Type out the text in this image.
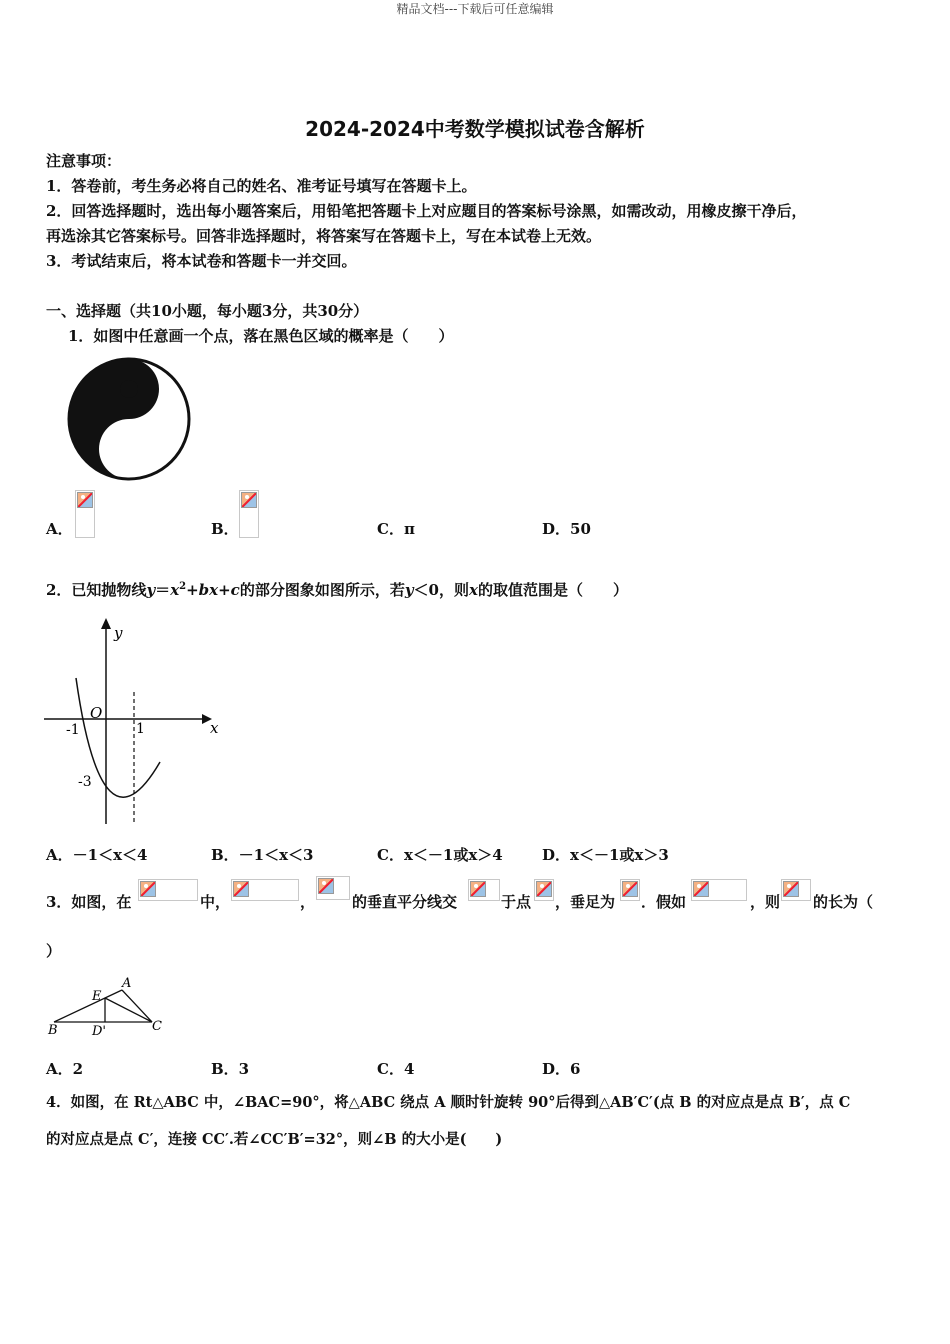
精品文档---下载后可任意编辑
2024-2024中考数学模拟试卷含解析
注意事项：
1．答卷前，考生务必将自己的姓名、准考证号填写在答题卡上。
2．回答选择题时，选出每小题答案后，用铅笔把答题卡上对应题目的答案标号涂黑，如需改动，用橡皮擦干净后，
再选涂其它答案标号。回答非选择题时，将答案写在答题卡上，写在本试卷上无效。
3．考试结束后，将本试卷和答题卡一并交回。
一、选择题（共10小题，每小题3分，共30分）
1．如图中任意画一个点，落在黑色区域的概率是（　　）
A．	B．	C．π	D．50
2．已知抛物线$y=x^2+bx+c$的部分图象如图所示，若y＜0，则x的取值范围是（　　）
y
x
O
-1	1
-3
A．－1＜x＜4	B．－1＜x＜3	C．x＜－1或x＞4	D．x＜－1或x＞3
3．如图，在	中，	， 的垂直平分线交	于点 ，垂足为 ．假如	，则 的长为（
）
A
B	C
D'
E
A．2	B．3	C．4	D．6
4．如图，在 Rt△ABC 中，∠BAC=90°，将△ABC 绕点 A 顺时针旋转 90°后得到△AB′C′(点 B 的对应点是点 B′，点 C
的对应点是点 C′，连接 CC′.若∠CC′B′=32°，则∠B 的大小是(　　)
